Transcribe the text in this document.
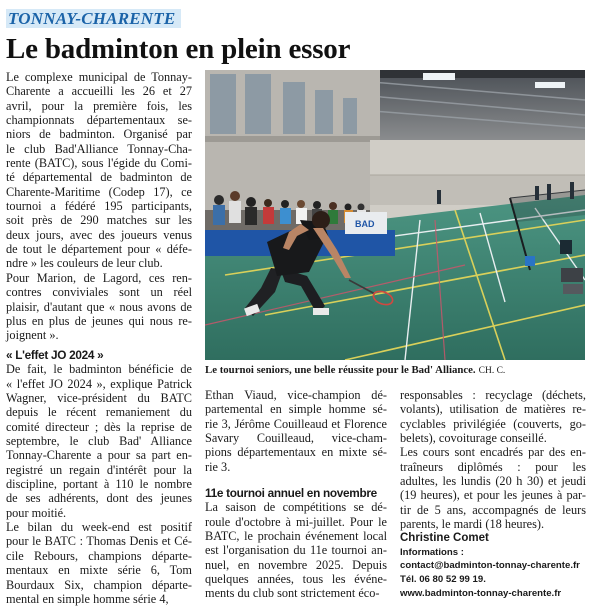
TONNAY-CHARENTE
Le badminton en plein essor
Le complexe municipal de Tonnay-
Charente a accueilli les 26 et 27
avril, pour la première fois, les
championnats départementaux se-
niors de badminton. Organisé par
le club Bad'Alliance Tonnay-Cha-
rente (BATC), sous l'égide du Comi-
té départemental de badminton de
Charente-Maritime (Codep 17), ce
tournoi a fédéré 195 participants,
soit près de 290 matches sur les
deux jours, avec des joueurs venus
de tout le département pour « défe-
ndre » les couleurs de leur club.
Pour Marion, de Lagord, ces ren-
contres conviviales sont un réel
plaisir, d'autant que « nous avons de
plus en plus de jeunes qui nous re-
joignent ».

« L'effet JO 2024 »

De fait, le badminton bénéficie de
« l'effet JO 2024 », explique Patrick
Wagner, vice-président du BATC
depuis le récent remaniement du
comité directeur ; dès la reprise de
septembre, le club Bad' Alliance
Tonnay-Charente a pour sa part en-
registré un regain d'intérêt pour la
discipline, portant à 110 le nombre
de ses adhérents, dont des jeunes
pour moitié.
Le bilan du week-end est positif
pour le BATC : Thomas Denis et Cé-
cile Rebours, champions départe-
mentaux en mixte série 6, Tom
Bourdaux Six, champion départe-
mental en simple homme série 4,
BAD
Le tournoi seniors, une belle réussite pour le Bad' Alliance. CH. C.
Ethan Viaud, vice-champion dé-
partemental en simple homme sé-
rie 3, Jérôme Couilleaud et Florence
Savary Couilleaud, vice-cham-
pions départementaux en mixte sé-
rie 3.

11e tournoi annuel en novembre

La saison de compétitions se dé-
roule d'octobre à mi-juillet. Pour le
BATC, le prochain événement local
est l'organisation du 11e tournoi an-
nuel, en novembre 2025. Depuis
quelques années, tous les événe-
ments du club sont strictement éco-
responsables : recyclage (déchets,
volants), utilisation de matières re-
cyclables privilégiée (couverts, go-
belets), covoiturage conseillé.
Les cours sont encadrés par des en-
traîneurs diplômés : pour les
adultes, les lundis (20 h 30) et jeudi
(19 heures), et pour les jeunes à par-
tir de 5 ans, accompagnés de leurs
parents, le mardi (18 heures).

Christine Comet

Informations :
contact@badminton-tonnay-charente.fr
Tél. 06 80 52 99 19.
www.badminton-tonnay-charente.fr
